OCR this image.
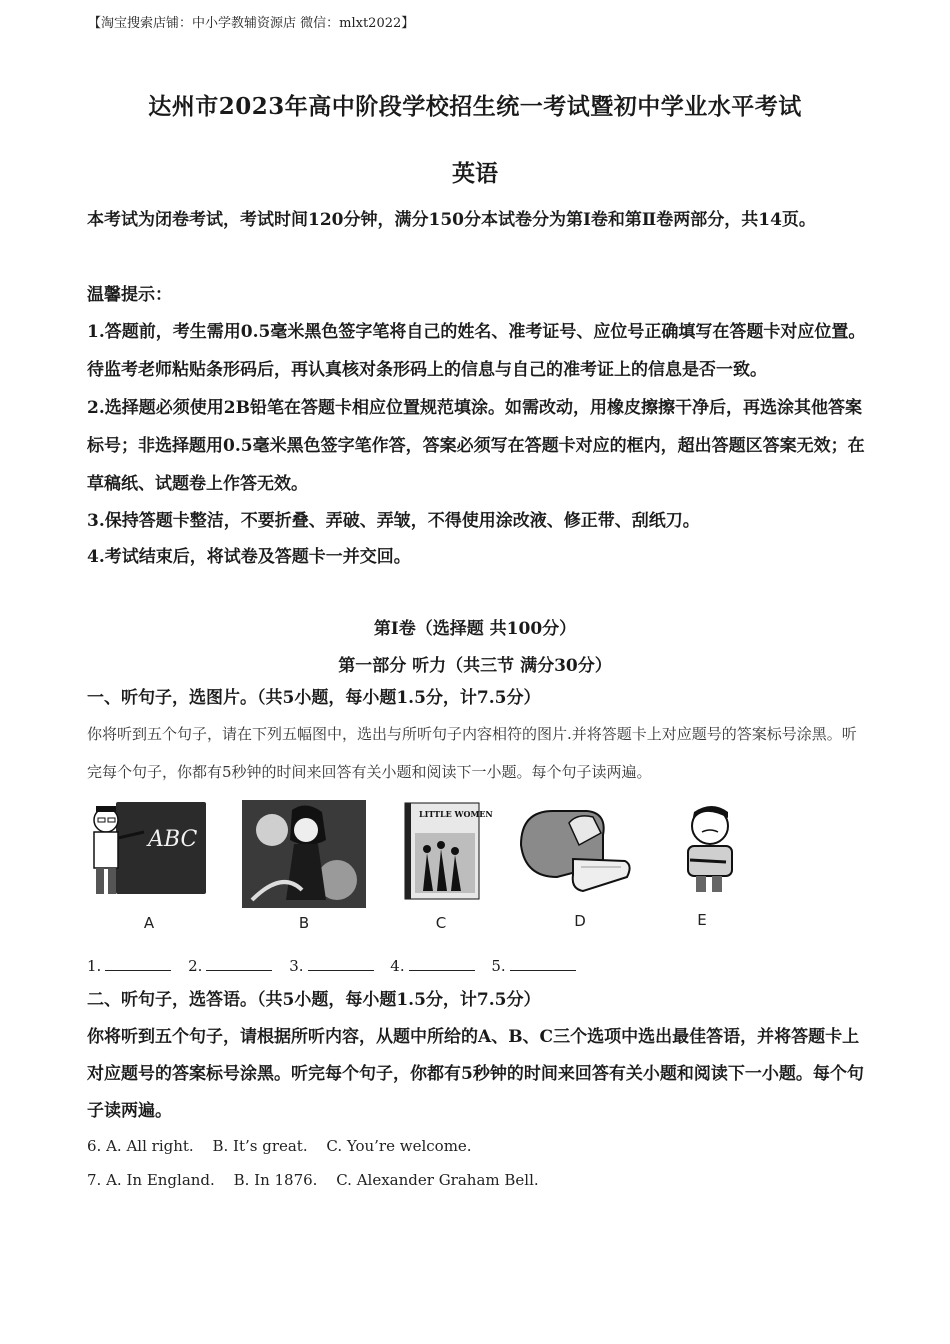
【淘宝搜索店铺：中小学教辅资源店 微信：mlxt2022】
达州市2023年高中阶段学校招生统一考试暨初中学业水平考试
英语

本考试为闭卷考试，考试时间120分钟，满分150分本试卷分为第Ⅰ卷和第Ⅱ卷两部分，共14页。

温馨提示：

1.答题前，考生需用0.5毫米黑色签字笔将自己的姓名、准考证号、应位号正确填写在答题卡对应位置。待监考老师粘贴条形码后，再认真核对条形码上的信息与自己的准考证上的信息是否一致。

2.选择题必须使用2B铅笔在答题卡相应位置规范填涂。如需改动，用橡皮擦擦干净后，再选涂其他答案标号；非选择题用0.5毫米黑色签字笔作答，答案必须写在答题卡对应的框内，超出答题区答案无效；在草稿纸、试题卷上作答无效。

3.保持答题卡整洁，不要折叠、弄破、弄皱，不得使用涂改液、修正带、刮纸刀。

4.考试结束后，将试卷及答题卡一并交回。

第Ⅰ卷（选择题 共100分）
第一部分 听力（共三节 满分30分）

一、听句子，选图片。（共5小题，每小题1.5分，计7.5分）

你将听到五个句子，请在下列五幅图中，选出与所听句子内容相符的图片.并将答题卡上对应题号的答案标号涂黑。听完每个句子，你都有5秒钟的时间来回答有关小题和阅读下一小题。每个句子读两遍。

ABC
A	B
LITTLE WOMEN
C	D	E
1.	2.	3.	4.	5.

二、听句子，选答语。（共5小题，每小题1.5分，计7.5分）

你将听到五个句子，请根据所听内容，从题中所给的A、B、C三个选项中选出最佳答语，并将答题卡上对应题号的答案标号涂黑。听完每个句子，你都有5秒钟的时间来回答有关小题和阅读下一小题。每个句子读两遍。

6. A. All right. B. It’s great. C. You’re welcome.
7. A. In England. B. In 1876. C. Alexander Graham Bell.
